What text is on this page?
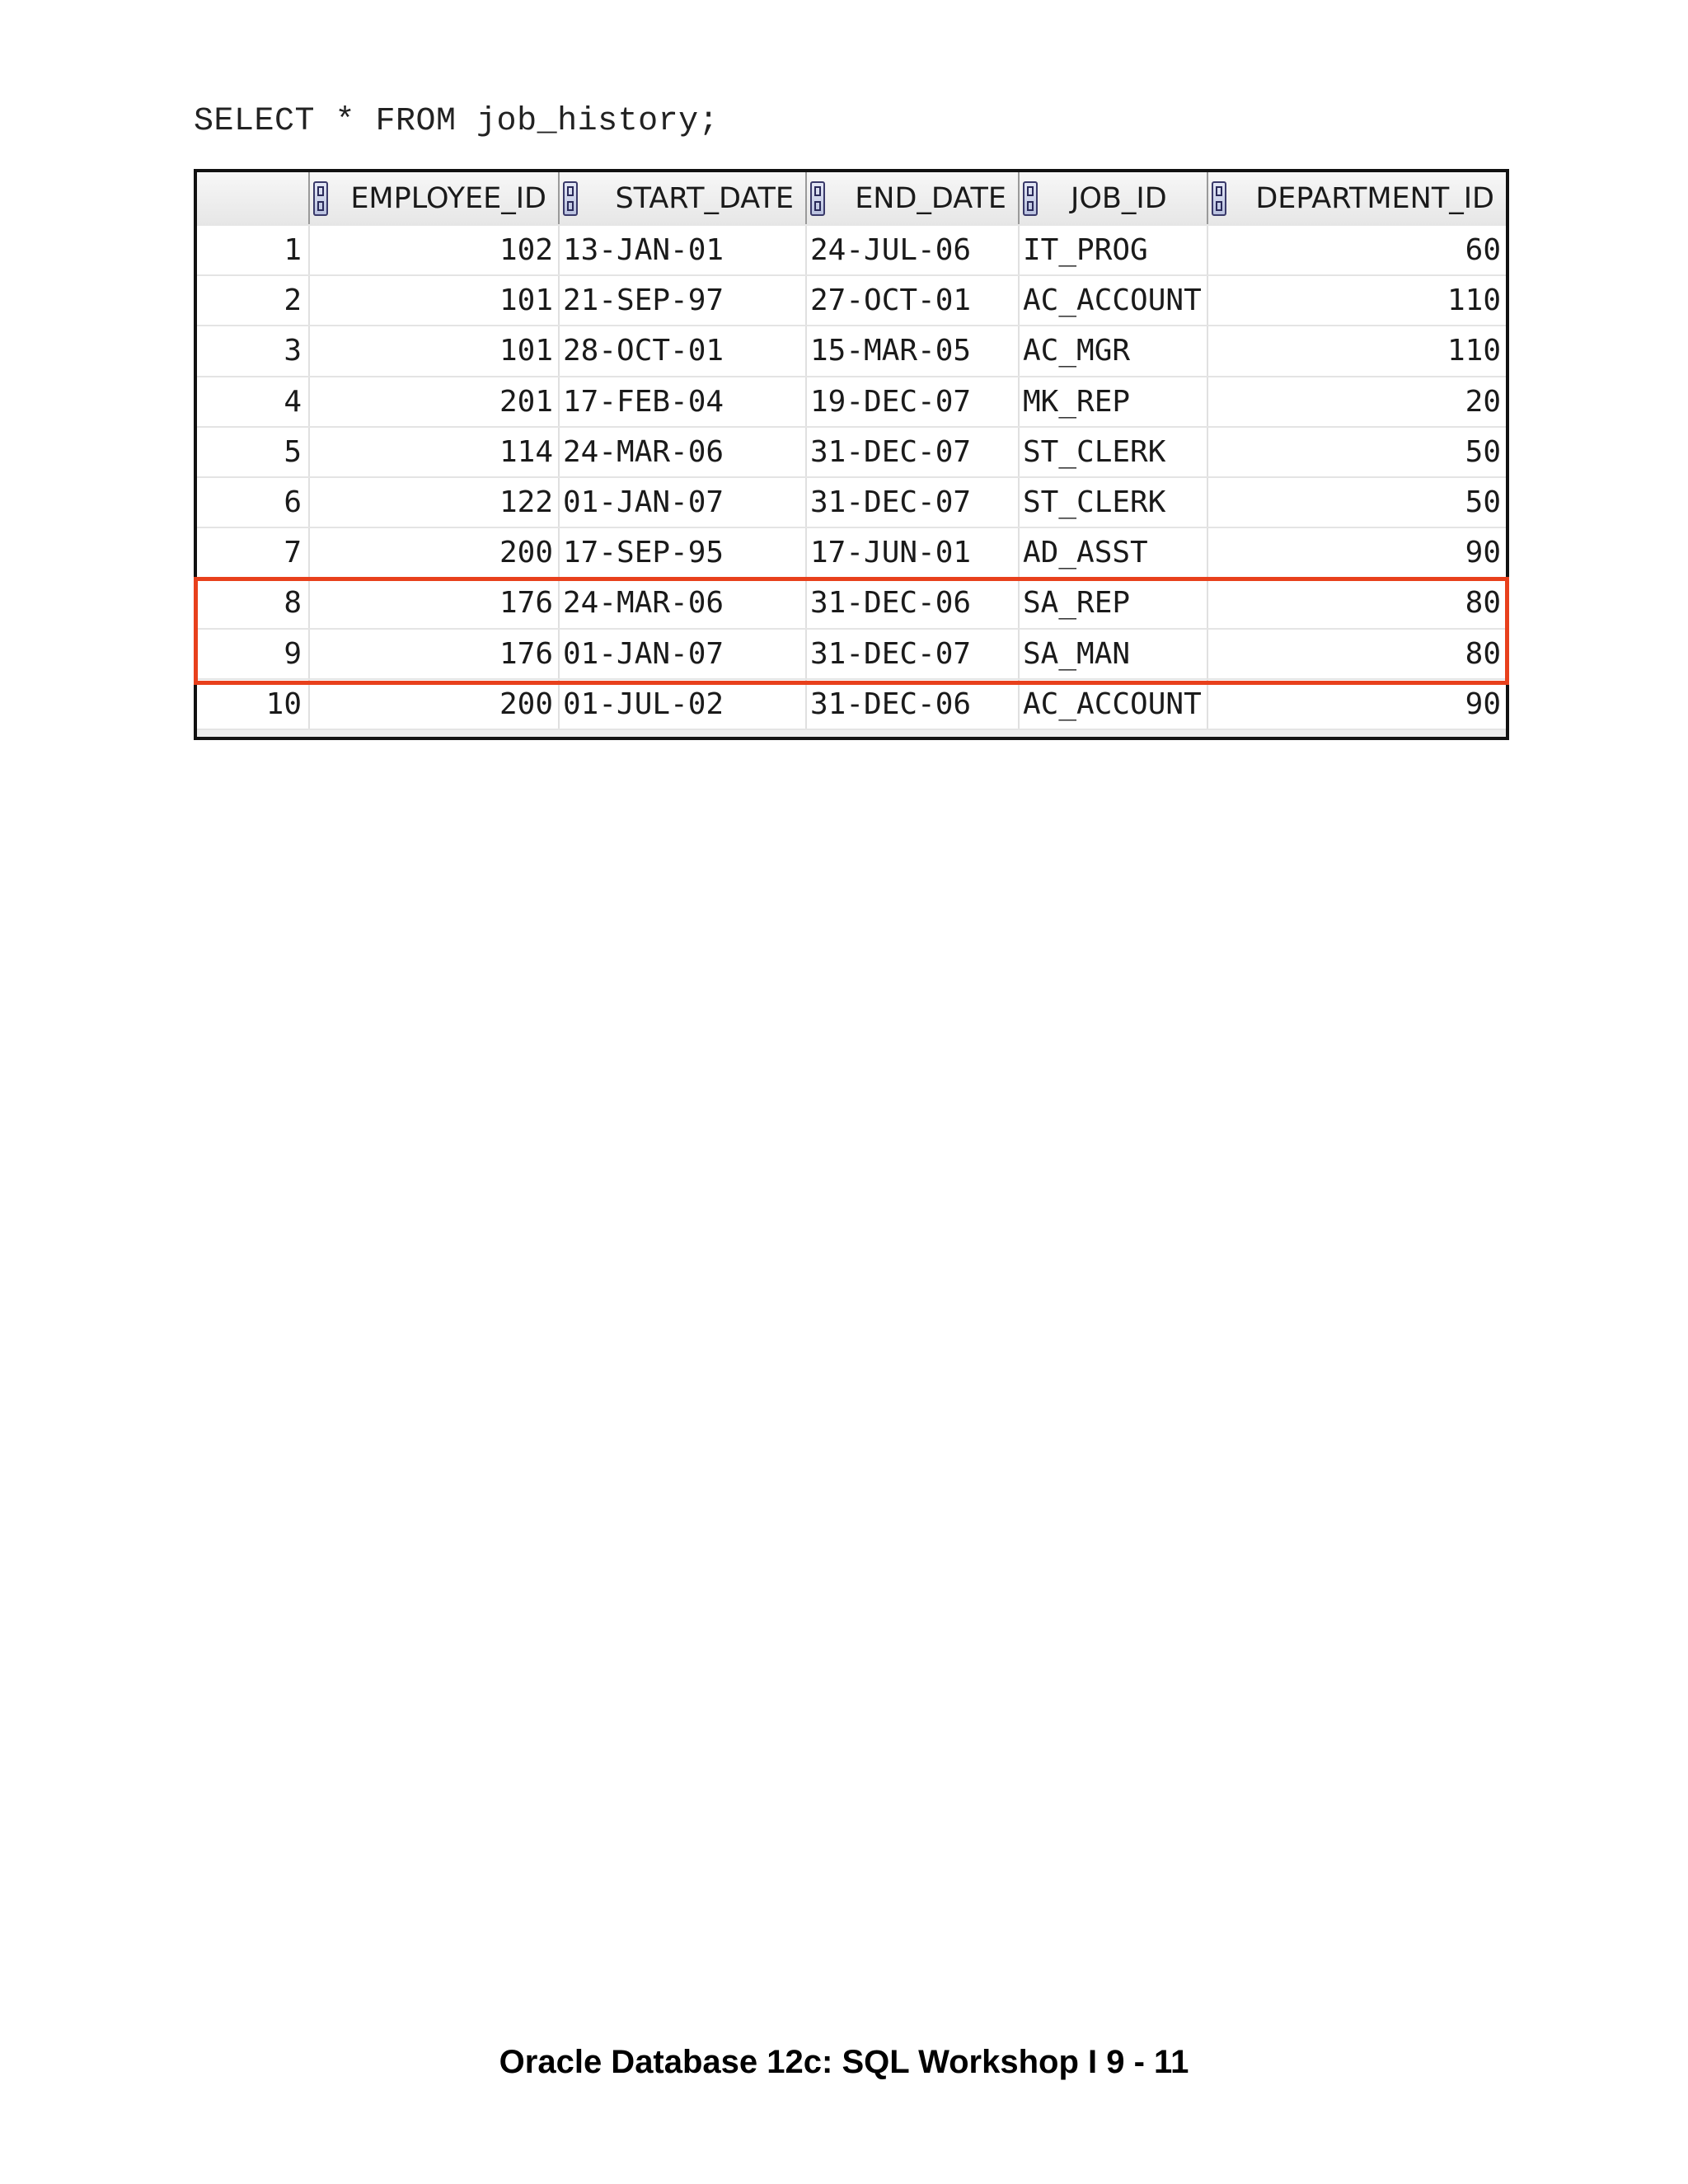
SELECT * FROM job_history;
EMPLOYEE_ID START_DATE END_DATE JOB_ID	DEPARTMENT_ID
1	102 13-JAN-01	24-JUL-06	IT_PROG	60
2	101 21-SEP-97	27-OCT-01	AC_ACCOUNT	110
3	101 28-OCT-01	15-MAR-05	AC_MGR	110
4	201 17-FEB-04	19-DEC-07	MK_REP	20
5	114 24-MAR-06	31-DEC-07	ST_CLERK	50
6	122 01-JAN-07	31-DEC-07	ST_CLERK	50
7	200 17-SEP-95	17-JUN-01	AD_ASST	90
8	176 24-MAR-06	31-DEC-06	SA_REP	80
9	176 01-JAN-07	31-DEC-07	SA_MAN	80
10	200 01-JUL-02	31-DEC-06	AC_ACCOUNT	90
Oracle Database 12c: SQL Workshop I 9 - 11
